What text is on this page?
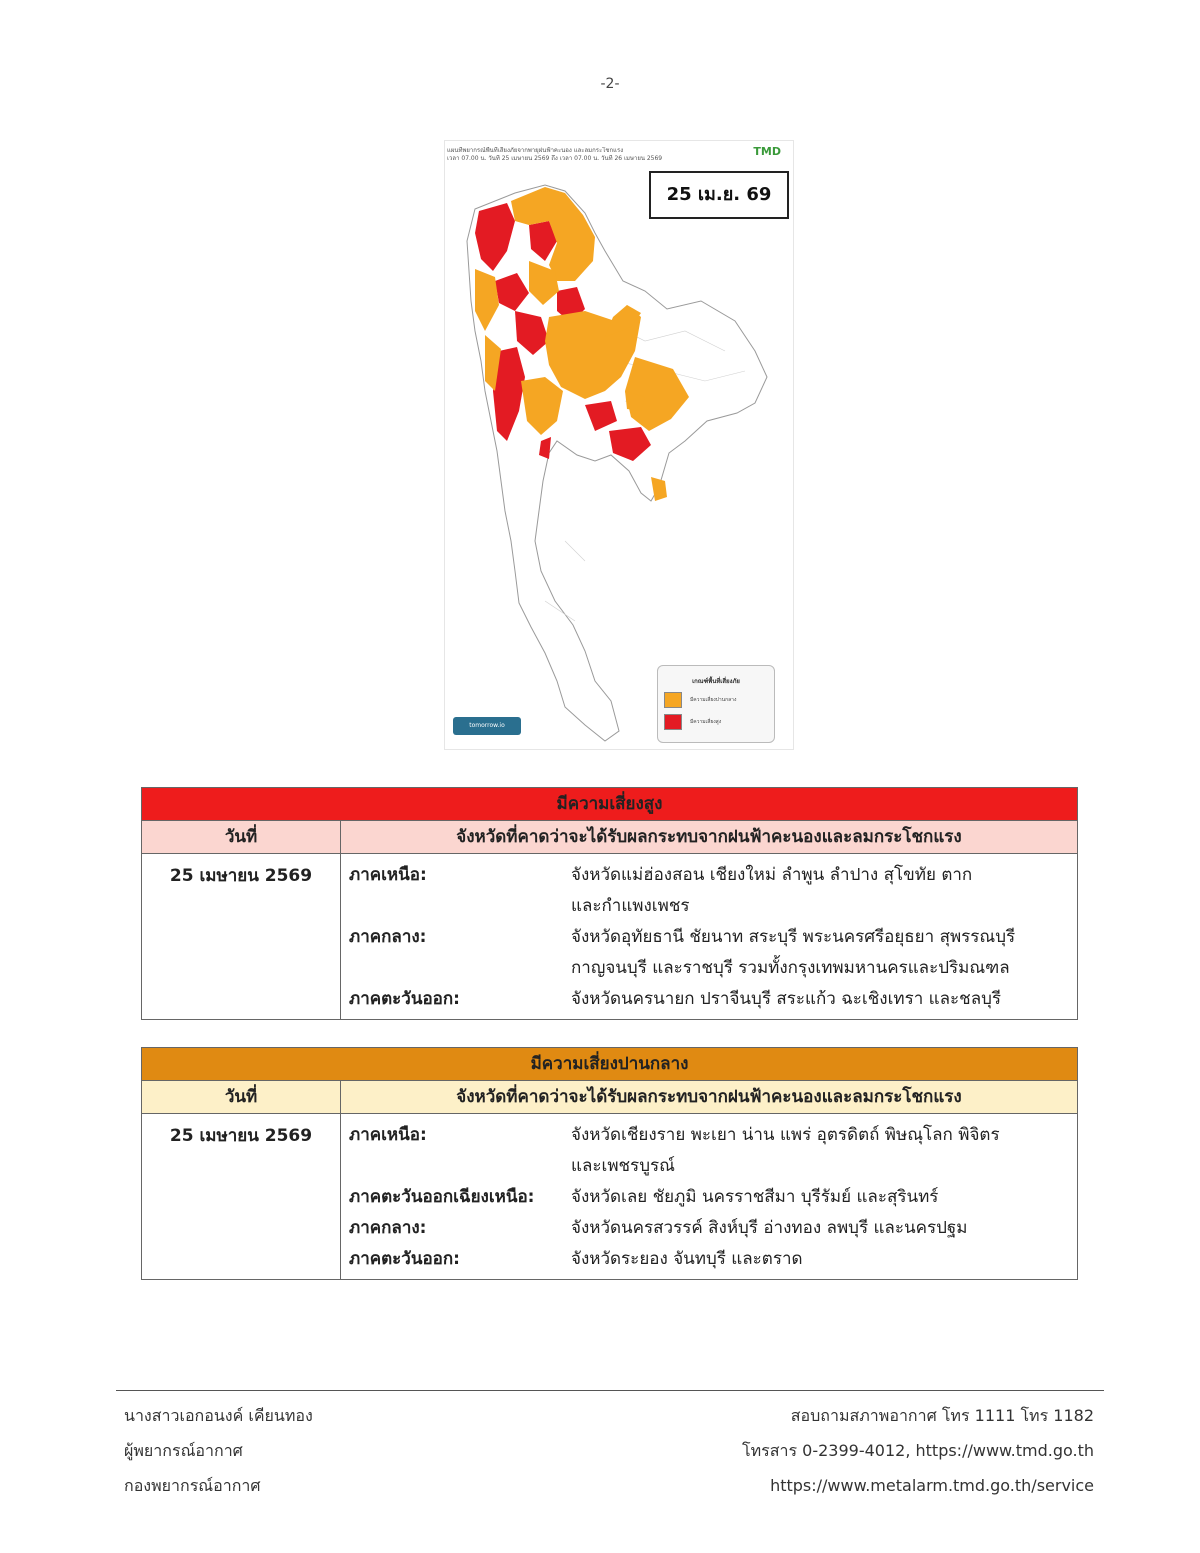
-2-
แผนที่พยากรณ์พื้นที่เสี่ยงภัยจากพายุฝนฟ้าคะนอง และลมกระโชกแรง
เวลา 07.00 น. วันที่ 25 เมษายน 2569 ถึง เวลา 07.00 น. วันที่ 26 เมษายน 2569
TMD
25 เม.ย. 69
เกณฑ์พื้นที่เสี่ยงภัย
มีความเสี่ยงปานกลาง
มีความเสี่ยงสูง
tomorrow.io
มีความเสี่ยงสูง
วันที่	จังหวัดที่คาดว่าจะได้รับผลกระทบจากฝนฟ้าคะนองและลมกระโชกแรง
25 เมษายน 2569	ภาคเหนือ:	จังหวัดแม่ฮ่องสอน เชียงใหม่ ลำพูน ลำปาง สุโขทัย ตาก
และกำแพงเพชร
ภาคกลาง:	จังหวัดอุทัยธานี ชัยนาท สระบุรี พระนครศรีอยุธยา สุพรรณบุรี
กาญจนบุรี และราชบุรี รวมทั้งกรุงเทพมหานครและปริมณฑล
ภาคตะวันออก:	จังหวัดนครนายก ปราจีนบุรี สระแก้ว ฉะเชิงเทรา และชลบุรี
มีความเสี่ยงปานกลาง
วันที่	จังหวัดที่คาดว่าจะได้รับผลกระทบจากฝนฟ้าคะนองและลมกระโชกแรง
25 เมษายน 2569	ภาคเหนือ:	จังหวัดเชียงราย พะเยา น่าน แพร่ อุตรดิตถ์ พิษณุโลก พิจิตร
และเพชรบูรณ์
ภาคตะวันออกเฉียงเหนือ:	จังหวัดเลย ชัยภูมิ นครราชสีมา บุรีรัมย์ และสุรินทร์
ภาคกลาง:	จังหวัดนครสวรรค์ สิงห์บุรี อ่างทอง ลพบุรี และนครปฐม
ภาคตะวันออก:	จังหวัดระยอง จันทบุรี และตราด
นางสาวเอกอนงค์ เคียนทอง
ผู้พยากรณ์อากาศ
กองพยากรณ์อากาศ
สอบถามสภาพอากาศ โทร 1111 โทร 1182
โทรสาร 0-2399-4012, https://www.tmd.go.th
https://www.metalarm.tmd.go.th/service
